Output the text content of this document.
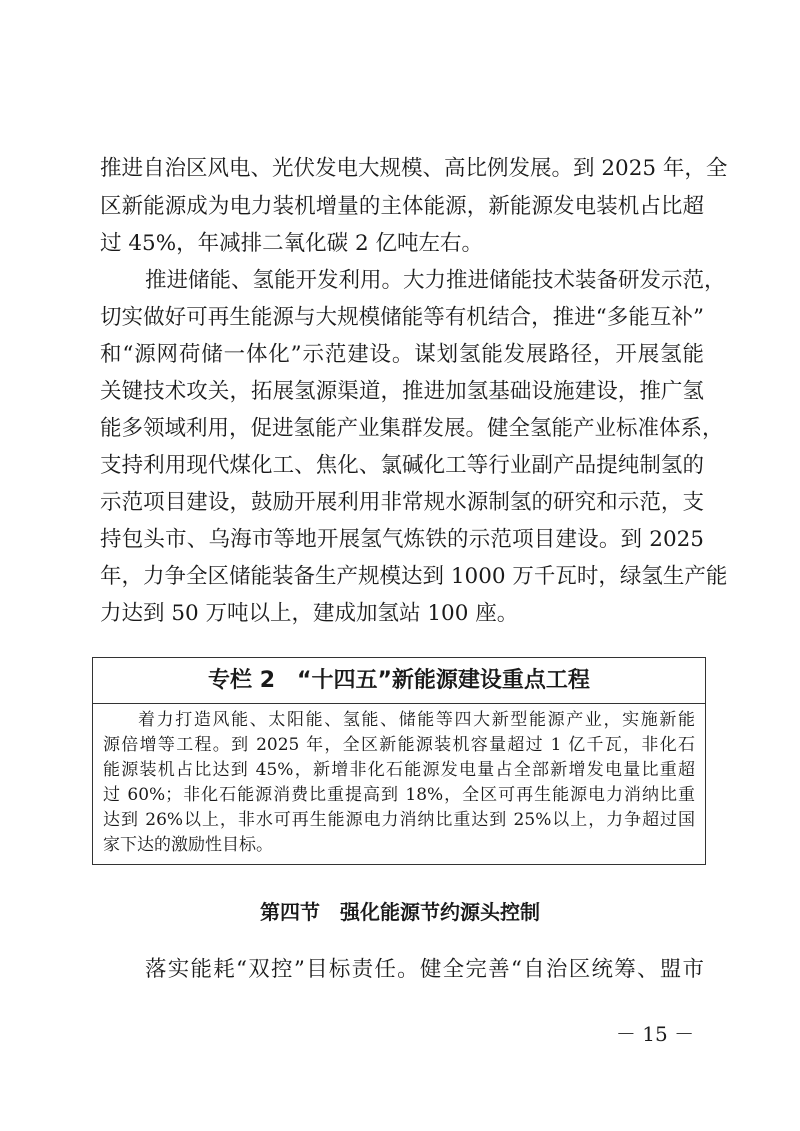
推进自治区风电、光伏发电大规模、高比例发展。到 2025 年，全
区新能源成为电力装机增量的主体能源，新能源发电装机占比超
过 45%，年减排二氧化碳 2 亿吨左右。
推进储能、氢能开发利用。大力推进储能技术装备研发示范，
切实做好可再生能源与大规模储能等有机结合，推进“多能互补”
和“源网荷储一体化”示范建设。谋划氢能发展路径，开展氢能
关键技术攻关，拓展氢源渠道，推进加氢基础设施建设，推广氢
能多领域利用，促进氢能产业集群发展。健全氢能产业标准体系，
支持利用现代煤化工、焦化、氯碱化工等行业副产品提纯制氢的
示范项目建设，鼓励开展利用非常规水源制氢的研究和示范，支
持包头市、乌海市等地开展氢气炼铁的示范项目建设。到 2025
年，力争全区储能装备生产规模达到 1000 万千瓦时，绿氢生产能
力达到 50 万吨以上，建成加氢站 100 座。
专栏 2　“十四五”新能源建设重点工程
着力打造风能、太阳能、氢能、储能等四大新型能源产业，实施新能
源倍增等工程。到 2025 年，全区新能源装机容量超过 1 亿千瓦，非化石
能源装机占比达到 45%，新增非化石能源发电量占全部新增发电量比重超
过 60%；非化石能源消费比重提高到 18%，全区可再生能源电力消纳比重
达到 26%以上，非水可再生能源电力消纳比重达到 25%以上，力争超过国
家下达的激励性目标。
第四节　强化能源节约源头控制
落实能耗“双控”目标责任。健全完善“自治区统筹、盟市
－ 15 －
